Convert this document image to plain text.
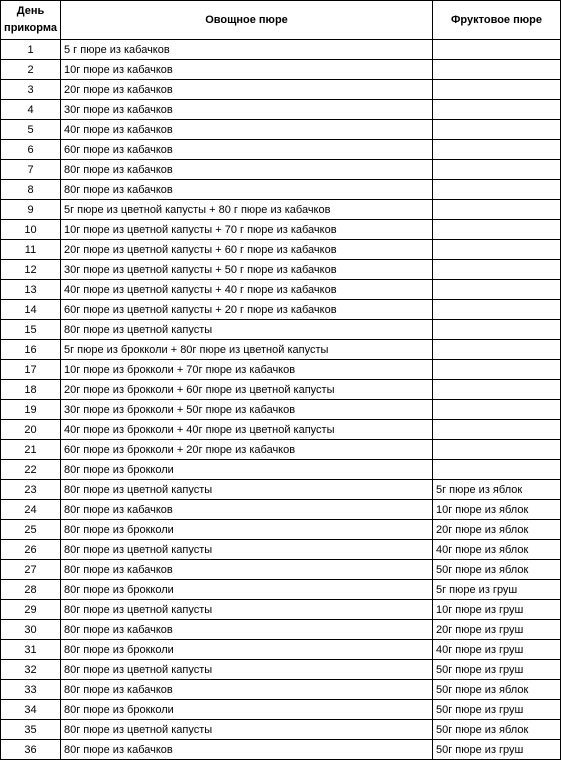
День
прикорма	Овощное пюре	Фруктовое пюре
1	5 г пюре из кабачков	
2	10г пюре из кабачков	
3	20г пюре из кабачков	
4	30г пюре из кабачков	
5	40г пюре из кабачков	
6	60г пюре из кабачков	
7	80г пюре из кабачков	
8	80г пюре из кабачков	
9	5г пюре из цветной капусты + 80 г пюре из кабачков	
10	10г пюре из цветной капусты + 70 г пюре из кабачков	
11	20г пюре из цветной капусты + 60 г пюре из кабачков	
12	30г пюре из цветной капусты + 50 г пюре из кабачков	
13	40г пюре из цветной капусты + 40 г пюре из кабачков	
14	60г пюре из цветной капусты + 20 г пюре из кабачков	
15	80г пюре из цветной капусты	
16	5г пюре из брокколи + 80г пюре из цветной капусты	
17	10г пюре из брокколи + 70г пюре из кабачков	
18	20г пюре из брокколи + 60г пюре из цветной капусты	
19	30г пюре из брокколи + 50г пюре из кабачков	
20	40г пюре из брокколи + 40г пюре из цветной капусты	
21	60г пюре из брокколи + 20г пюре из кабачков	
22	80г пюре из брокколи	
23	80г пюре из цветной капусты	5г пюре из яблок
24	80г пюре из кабачков	10г пюре из яблок
25	80г пюре из брокколи	20г пюре из яблок
26	80г пюре из цветной капусты	40г пюре из яблок
27	80г пюре из кабачков	50г пюре из яблок
28	80г пюре из брокколи	5г пюре из груш
29	80г пюре из цветной капусты	10г пюре из груш
30	80г пюре из кабачков	20г пюре из груш
31	80г пюре из брокколи	40г пюре из груш
32	80г пюре из цветной капусты	50г пюре из груш
33	80г пюре из кабачков	50г пюре из яблок
34	80г пюре из брокколи	50г пюре из груш
35	80г пюре из цветной капусты	50г пюре из яблок
36	80г пюре из кабачков	50г пюре из груш
